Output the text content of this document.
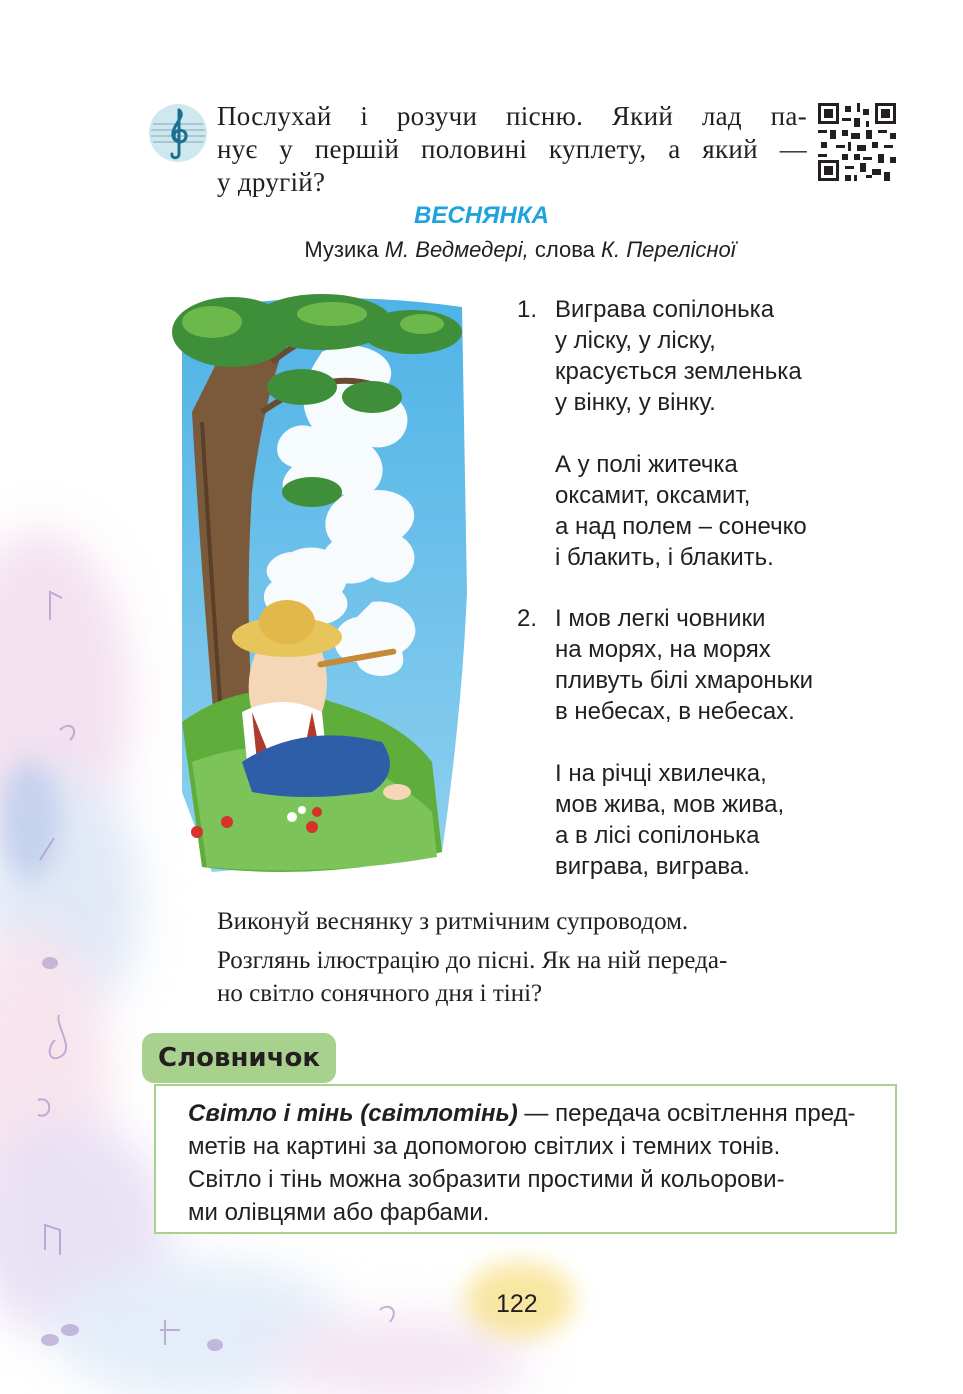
Послухай і розучи пісню. Який лад па-
нує у першій половині куплету, а який —
у другій?
ВЕСНЯНКА
Музика М. Ведмедері, слова К. Перелісної
1. Виграва сопілонька
у ліску, у ліску,
красується земленька
у вінку, у вінку.
А у полі житечка
оксамит, оксамит,
а над полем – сонечко
і блакить, і блакить.
2. І мов легкі човники
на морях, на морях
пливуть білі хмароньки
в небесах, в небесах.
І на річці хвилечка,
мов жива, мов жива,
а в лісі сопілонька
виграва, виграва.
Виконуй веснянку з ритмічним супроводом.
Розглянь ілюстрацію до пісні. Як на ній переда-
но світло сонячного дня і тіні?
Словничок
Світло і тінь (світлотінь) — передача освітлення пред-
метів на картині за допомогою світлих і темних тонів.
Світло і тінь можна зобразити простими й кольорови-
ми олівцями або фарбами.
122
